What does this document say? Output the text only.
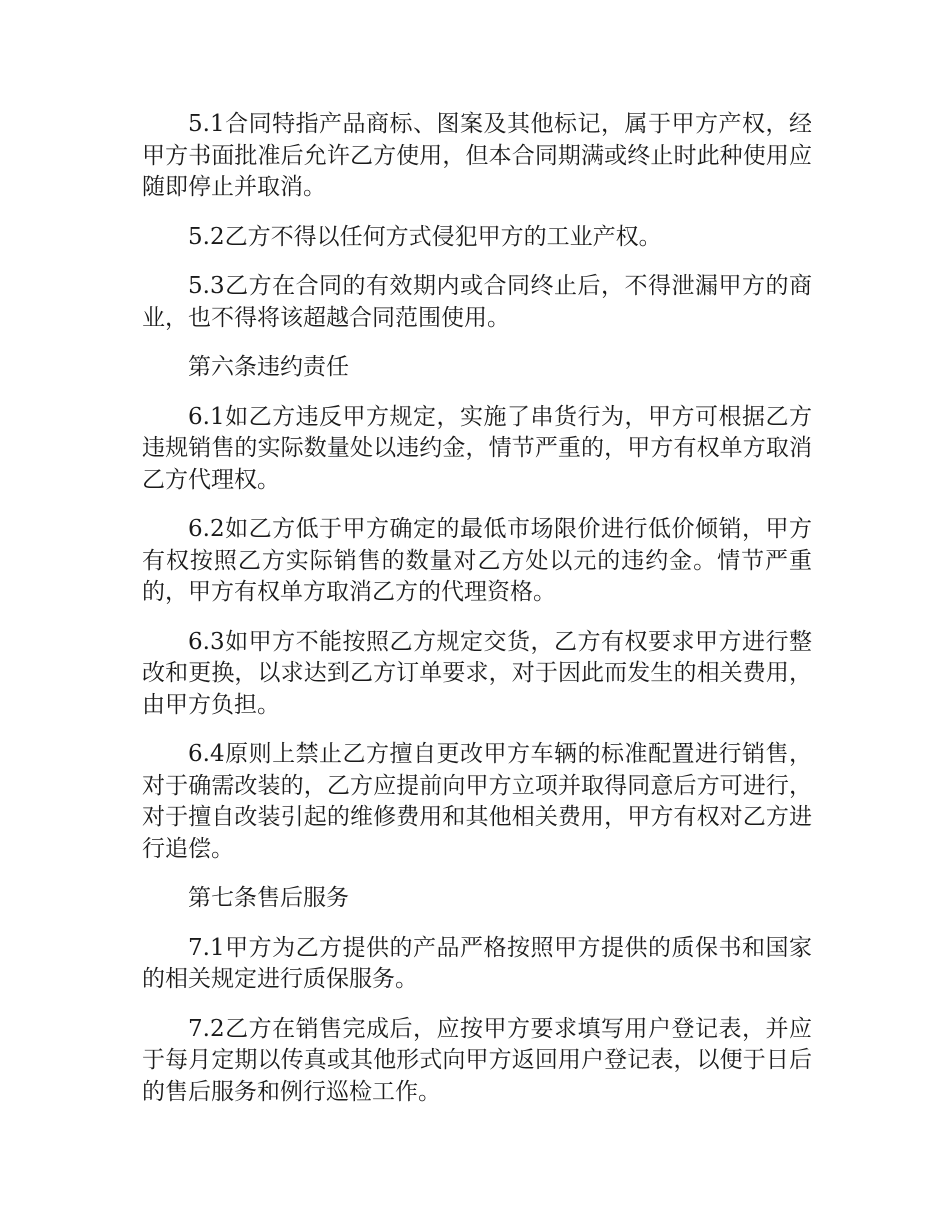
5.1合同特指产品商标、图案及其他标记，属于甲方产权，经甲方书面批准后允许乙方使用，但本合同期满或终止时此种使用应随即停止并取消。

5.2乙方不得以任何方式侵犯甲方的工业产权。

5.3乙方在合同的有效期内或合同终止后，不得泄漏甲方的商业，也不得将该超越合同范围使用。

第六条违约责任

6.1如乙方违反甲方规定，实施了串货行为，甲方可根据乙方违规销售的实际数量处以违约金，情节严重的，甲方有权单方取消乙方代理权。

6.2如乙方低于甲方确定的最低市场限价进行低价倾销，甲方有权按照乙方实际销售的数量对乙方处以元的违约金。情节严重的，甲方有权单方取消乙方的代理资格。

6.3如甲方不能按照乙方规定交货，乙方有权要求甲方进行整改和更换，以求达到乙方订单要求，对于因此而发生的相关费用，由甲方负担。

6.4原则上禁止乙方擅自更改甲方车辆的标准配置进行销售，对于确需改装的，乙方应提前向甲方立项并取得同意后方可进行，对于擅自改装引起的维修费用和其他相关费用，甲方有权对乙方进行追偿。

第七条售后服务

7.1甲方为乙方提供的产品严格按照甲方提供的质保书和国家的相关规定进行质保服务。

7.2乙方在销售完成后，应按甲方要求填写用户登记表，并应于每月定期以传真或其他形式向甲方返回用户登记表，以便于日后的售后服务和例行巡检工作。
